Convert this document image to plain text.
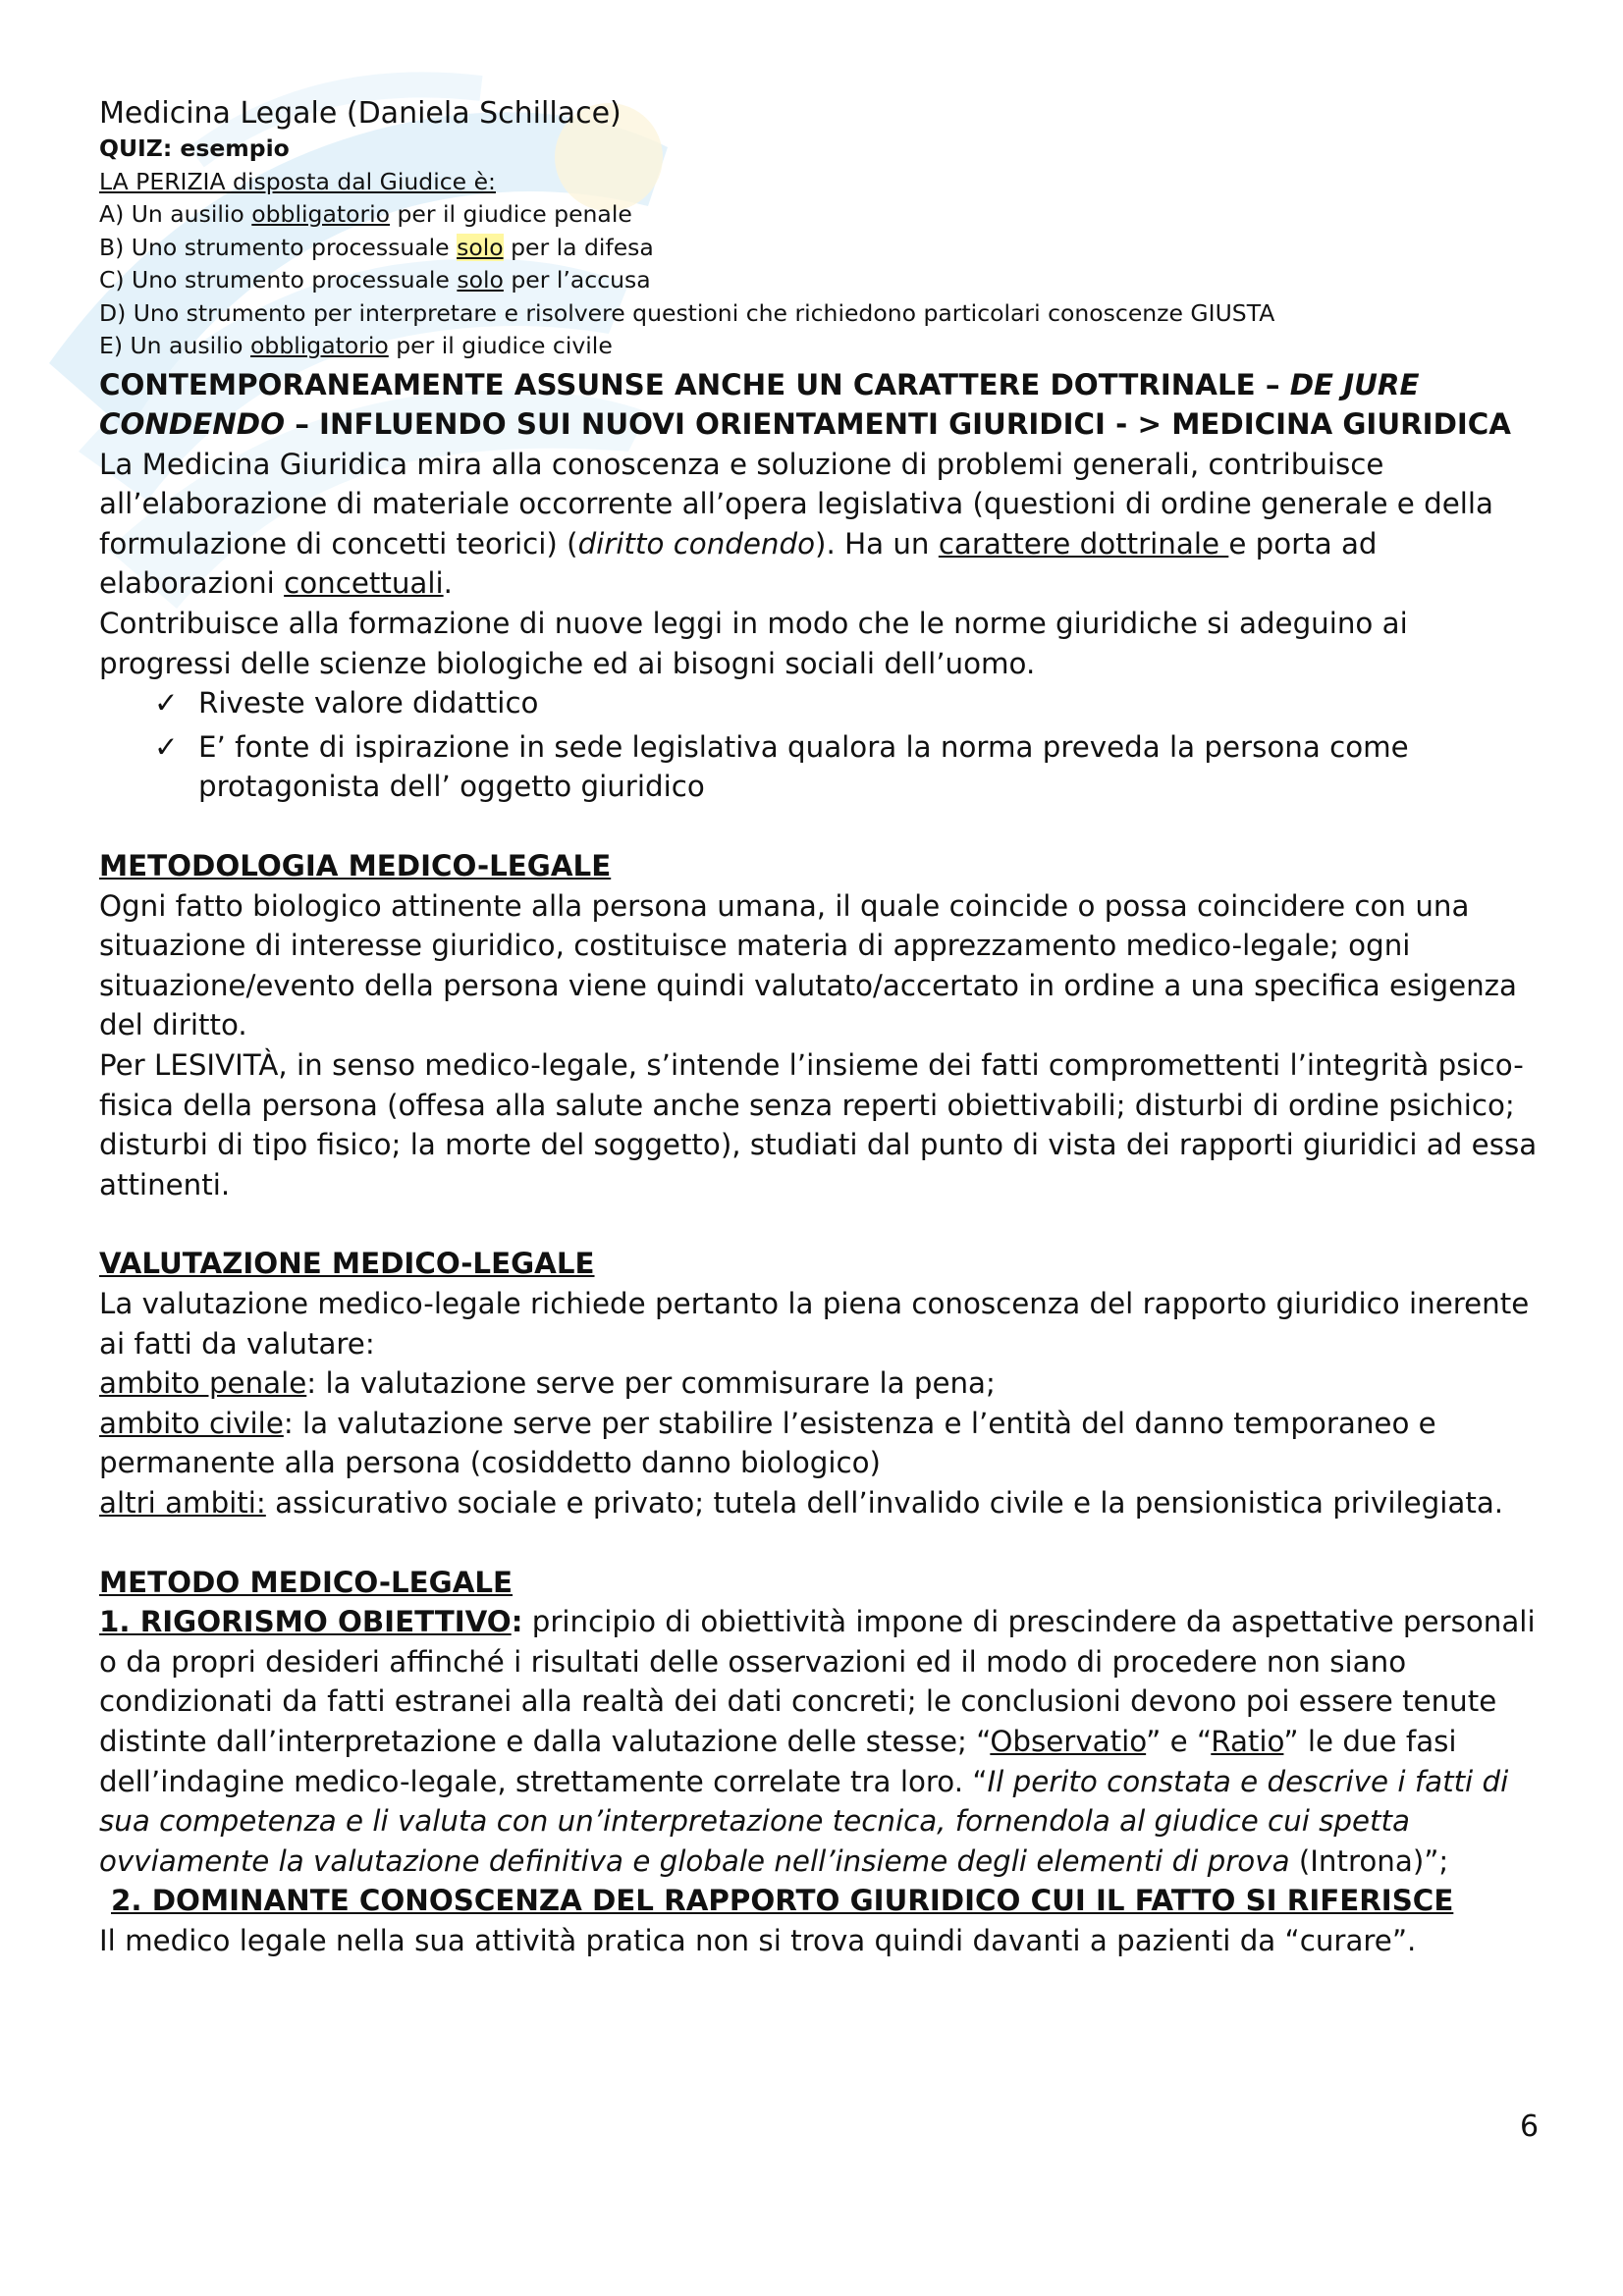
Medicina Legale (Daniela Schillace)

QUIZ: esempio

LA PERIZIA disposta dal Giudice è:

A) Un ausilio obbligatorio per il giudice penale

B) Uno strumento processuale solo per la difesa

C) Uno strumento processuale solo per l’accusa

D) Uno strumento per interpretare e risolvere questioni che richiedono particolari conoscenze GIUSTA

E) Un ausilio obbligatorio per il giudice civile

CONTEMPORANEAMENTE ASSUNSE ANCHE UN CARATTERE DOTTRINALE – DE JURE CONDENDO – INFLUENDO SUI NUOVI ORIENTAMENTI GIURIDICI - > MEDICINA GIURIDICA

La Medicina Giuridica mira alla conoscenza e soluzione di problemi generali, contribuisce all’elaborazione di materiale occorrente all’opera legislativa (questioni di ordine generale e della formulazione di concetti teorici) (diritto condendo). Ha un carattere dottrinale e porta ad elaborazioni concettuali.

Contribuisce alla formazione di nuove leggi in modo che le norme giuridiche si adeguino ai progressi delle scienze biologiche ed ai bisogni sociali dell’uomo.

✓ Riveste valore didattico
✓ E’ fonte di ispirazione in sede legislativa qualora la norma preveda la persona come protagonista dell’ oggetto giuridico

METODOLOGIA MEDICO-LEGALE

Ogni fatto biologico attinente alla persona umana, il quale coincide o possa coincidere con una situazione di interesse giuridico, costituisce materia di apprezzamento medico-legale; ogni situazione/evento della persona viene quindi valutato/accertato in ordine a una specifica esigenza del diritto.

Per LESIVITÀ, in senso medico-legale, s’intende l’insieme dei fatti compromettenti l’integrità psico-fisica della persona (offesa alla salute anche senza reperti obiettivabili; disturbi di ordine psichico; disturbi di tipo fisico; la morte del soggetto), studiati dal punto di vista dei rapporti giuridici ad essa attinenti.

VALUTAZIONE MEDICO-LEGALE

La valutazione medico-legale richiede pertanto la piena conoscenza del rapporto giuridico inerente ai fatti da valutare:

ambito penale: la valutazione serve per commisurare la pena;

ambito civile: la valutazione serve per stabilire l’esistenza e l’entità del danno temporaneo e permanente alla persona (cosiddetto danno biologico)

altri ambiti: assicurativo sociale e privato; tutela dell’invalido civile e la pensionistica privilegiata.

METODO MEDICO-LEGALE

1. RIGORISMO OBIETTIVO: principio di obiettività impone di prescindere da aspettative personali o da propri desideri affinché i risultati delle osservazioni ed il modo di procedere non siano condizionati da fatti estranei alla realtà dei dati concreti; le conclusioni devono poi essere tenute distinte dall’interpretazione e dalla valutazione delle stesse; “Observatio” e “Ratio” le due fasi dell’indagine medico-legale, strettamente correlate tra loro. “Il perito constata e descrive i fatti di sua competenza e li valuta con un’interpretazione tecnica, fornendola al giudice cui spetta ovviamente la valutazione definitiva e globale nell’insieme degli elementi di prova (Introna)”;

2. DOMINANTE CONOSCENZA DEL RAPPORTO GIURIDICO CUI IL FATTO SI RIFERISCE

Il medico legale nella sua attività pratica non si trova quindi davanti a pazienti da “curare”.

6
